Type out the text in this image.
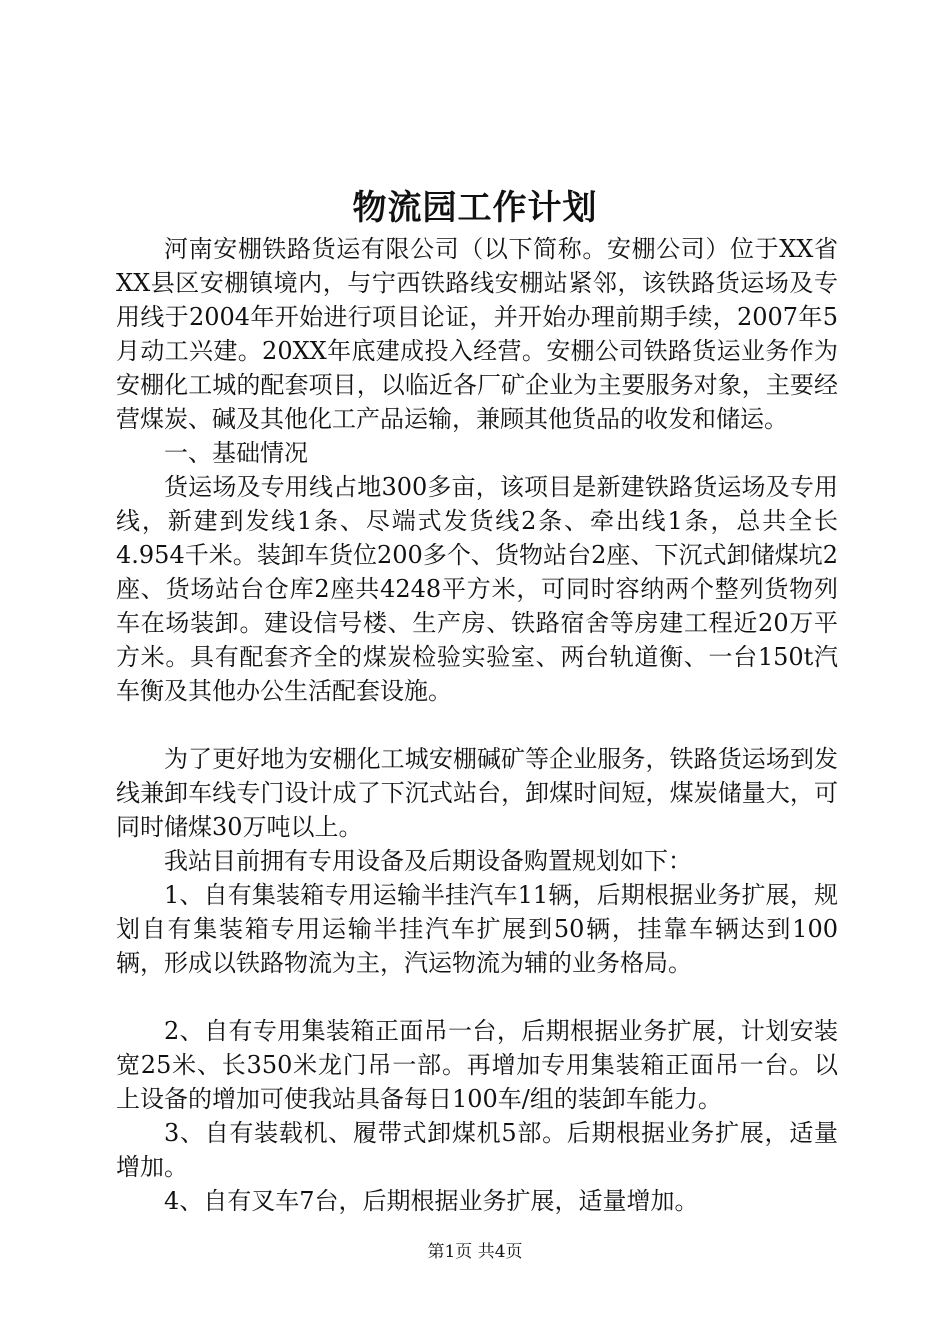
物流园工作计划

河南安棚铁路货运有限公司（以下简称。安棚公司）位于XX省XX县区安棚镇境内，与宁西铁路线安棚站紧邻，该铁路货运场及专用线于2004年开始进行项目论证，并开始办理前期手续，2007年5月动工兴建。20XX年底建成投入经营。安棚公司铁路货运业务作为安棚化工城的配套项目，以临近各厂矿企业为主要服务对象，主要经营煤炭、碱及其他化工产品运输，兼顾其他货品的收发和储运。

一、基础情况

货运场及专用线占地300多亩，该项目是新建铁路货运场及专用线，新建到发线1条、尽端式发货线2条、牵出线1条，总共全长4.954千米。装卸车货位200多个、货物站台2座、下沉式卸储煤坑2座、货场站台仓库2座共4248平方米，可同时容纳两个整列货物列车在场装卸。建设信号楼、生产房、铁路宿舍等房建工程近20万平方米。具有配套齐全的煤炭检验实验室、两台轨道衡、一台150t汽车衡及其他办公生活配套设施。

为了更好地为安棚化工城安棚碱矿等企业服务，铁路货运场到发线兼卸车线专门设计成了下沉式站台，卸煤时间短，煤炭储量大，可同时储煤30万吨以上。

我站目前拥有专用设备及后期设备购置规划如下：

1、自有集装箱专用运输半挂汽车11辆，后期根据业务扩展，规划自有集装箱专用运输半挂汽车扩展到50辆，挂靠车辆达到100辆，形成以铁路物流为主，汽运物流为辅的业务格局。

2、自有专用集装箱正面吊一台，后期根据业务扩展，计划安装宽25米、长350米龙门吊一部。再增加专用集装箱正面吊一台。以上设备的增加可使我站具备每日100车/组的装卸车能力。

3、自有装载机、履带式卸煤机5部。后期根据业务扩展，适量增加。

4、自有叉车7台，后期根据业务扩展，适量增加。

第1页 共4页
